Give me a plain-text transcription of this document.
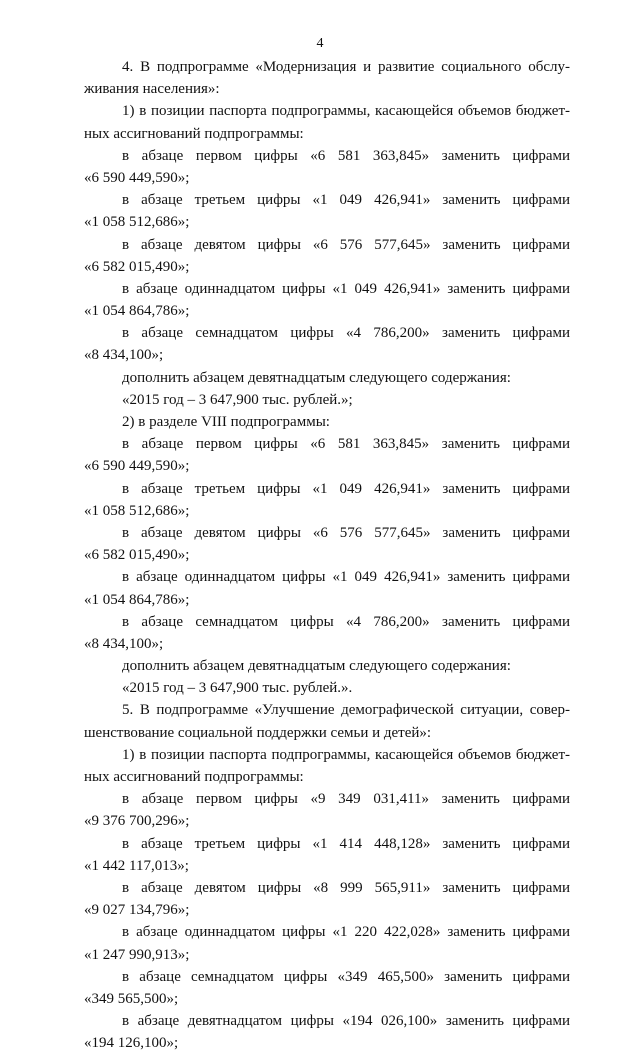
4
4. В подпрограмме «Модернизация и развитие социального обслу-
живания населения»:
1) в позиции паспорта подпрограммы, касающейся объемов бюджет-
ных ассигнований подпрограммы:
в абзаце первом цифры «6 581 363,845» заменить цифрами
«6 590 449,590»;
в абзаце третьем цифры «1 049 426,941» заменить цифрами
«1 058 512,686»;
в абзаце девятом цифры «6 576 577,645» заменить цифрами
«6 582 015,490»;
в абзаце одиннадцатом цифры «1 049 426,941» заменить цифрами
«1 054 864,786»;
в абзаце семнадцатом цифры «4 786,200» заменить цифрами
«8 434,100»;
дополнить абзацем девятнадцатым следующего содержания:
«2015 год – 3 647,900 тыс. рублей.»;
2) в разделе VIII подпрограммы:
в абзаце первом цифры «6 581 363,845» заменить цифрами
«6 590 449,590»;
в абзаце третьем цифры «1 049 426,941» заменить цифрами
«1 058 512,686»;
в абзаце девятом цифры «6 576 577,645» заменить цифрами
«6 582 015,490»;
в абзаце одиннадцатом цифры «1 049 426,941» заменить цифрами
«1 054 864,786»;
в абзаце семнадцатом цифры «4 786,200» заменить цифрами
«8 434,100»;
дополнить абзацем девятнадцатым следующего содержания:
«2015 год – 3 647,900 тыс. рублей.».
5. В подпрограмме «Улучшение демографической ситуации, совер-
шенствование социальной поддержки семьи и детей»:
1) в позиции паспорта подпрограммы, касающейся объемов бюджет-
ных ассигнований подпрограммы:
в абзаце первом цифры «9 349 031,411» заменить цифрами
«9 376 700,296»;
в абзаце третьем цифры «1 414 448,128» заменить цифрами
«1 442 117,013»;
в абзаце девятом цифры «8 999 565,911» заменить цифрами
«9 027 134,796»;
в абзаце одиннадцатом цифры «1 220 422,028» заменить цифрами
«1 247 990,913»;
в абзаце семнадцатом цифры «349 465,500» заменить цифрами
«349 565,500»;
в абзаце девятнадцатом цифры «194 026,100» заменить цифрами
«194 126,100»;
